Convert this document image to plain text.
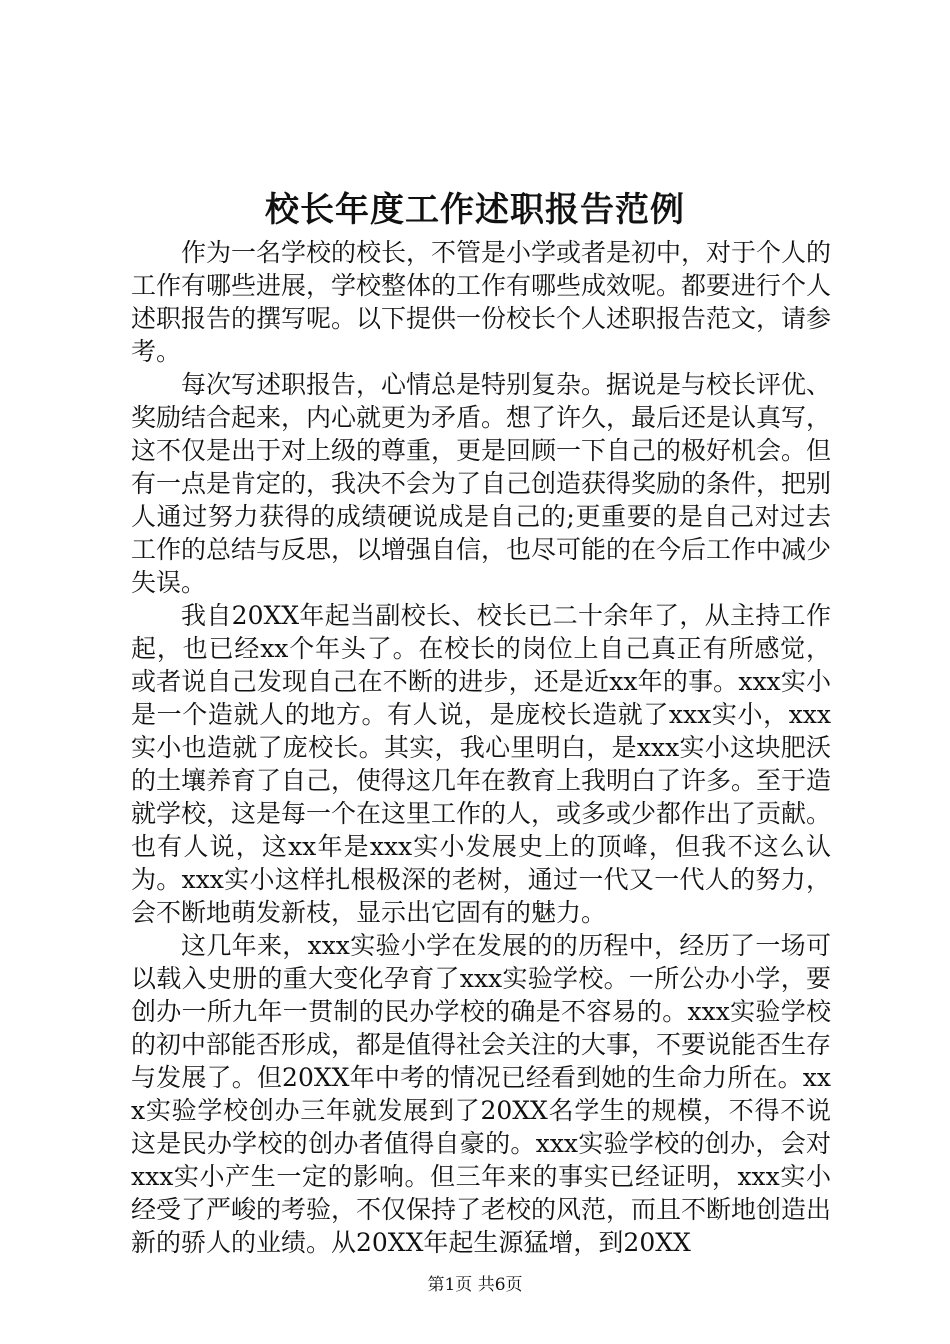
校长年度工作述职报告范例

作为一名学校的校长，不管是小学或者是初中，对于个人的工作有哪些进展，学校整体的工作有哪些成效呢。都要进行个人述职报告的撰写呢。以下提供一份校长个人述职报告范文，请参考。

每次写述职报告，心情总是特别复杂。据说是与校长评优、奖励结合起来，内心就更为矛盾。想了许久，最后还是认真写，这不仅是出于对上级的尊重，更是回顾一下自己的极好机会。但有一点是肯定的，我决不会为了自己创造获得奖励的条件，把别人通过努力获得的成绩硬说成是自己的;更重要的是自己对过去工作的总结与反思，以增强自信，也尽可能的在今后工作中减少失误。

我自20XX年起当副校长、校长已二十余年了，从主持工作起，也已经xx个年头了。在校长的岗位上自己真正有所感觉，或者说自己发现自己在不断的进步，还是近xx年的事。xxx实小是一个造就人的地方。有人说，是庞校长造就了xxx实小，xxx实小也造就了庞校长。其实，我心里明白，是xxx实小这块肥沃的土壤养育了自己，使得这几年在教育上我明白了许多。至于造就学校，这是每一个在这里工作的人，或多或少都作出了贡献。也有人说，这xx年是xxx实小发展史上的顶峰，但我不这么认为。xxx实小这样扎根极深的老树，通过一代又一代人的努力，会不断地萌发新枝，显示出它固有的魅力。

这几年来，xxx实验小学在发展的的历程中，经历了一场可以载入史册的重大变化孕育了xxx实验学校。一所公办小学，要创办一所九年一贯制的民办学校的确是不容易的。xxx实验学校的初中部能否形成，都是值得社会关注的大事，不要说能否生存与发展了。但20XX年中考的情况已经看到她的生命力所在。xxx实验学校创办三年就发展到了20XX名学生的规模，不得不说这是民办学校的创办者值得自豪的。xxx实验学校的创办，会对xxx实小产生一定的影响。但三年来的事实已经证明，xxx实小经受了严峻的考验，不仅保持了老校的风范，而且不断地创造出新的骄人的业绩。从20XX年起生源猛增，到20XX

第1页 共6页
